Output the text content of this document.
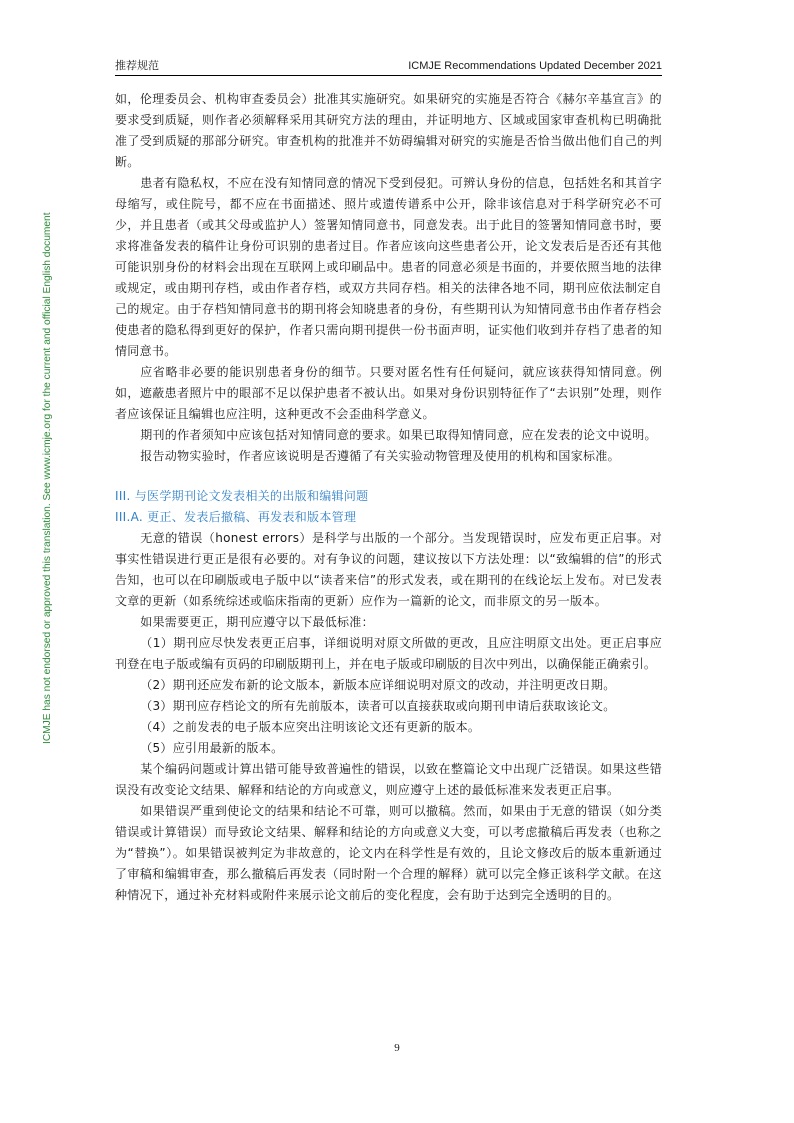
推荐规范	ICMJE Recommendations Updated December 2021
ICMJE has not endorsed or approved this translation. See www.icmje.org for the current and official English document

如，伦理委员会、机构审查委员会）批准其实施研究。如果研究的实施是否符合《赫尔辛基宣言》的要求受到质疑，则作者必须解释采用其研究方法的理由，并证明地方、区域或国家审查机构已明确批准了受到质疑的那部分研究。审查机构的批准并不妨碍编辑对研究的实施是否恰当做出他们自己的判断。

患者有隐私权，不应在没有知情同意的情况下受到侵犯。可辨认身份的信息，包括姓名和其首字母缩写，或住院号，都不应在书面描述、照片或遗传谱系中公开，除非该信息对于科学研究必不可少，并且患者（或其父母或监护人）签署知情同意书，同意发表。出于此目的签署知情同意书时，要求将准备发表的稿件让身份可识别的患者过目。作者应该向这些患者公开，论文发表后是否还有其他可能识别身份的材料会出现在互联网上或印刷品中。患者的同意必须是书面的，并要依照当地的法律或规定，或由期刊存档，或由作者存档，或双方共同存档。相关的法律各地不同，期刊应依法制定自己的规定。由于存档知情同意书的期刊将会知晓患者的身份，有些期刊认为知情同意书由作者存档会使患者的隐私得到更好的保护，作者只需向期刊提供一份书面声明，证实他们收到并存档了患者的知情同意书。

应省略非必要的能识别患者身份的细节。只要对匿名性有任何疑问，就应该获得知情同意。例如，遮蔽患者照片中的眼部不足以保护患者不被认出。如果对身份识别特征作了“去识别”处理，则作者应该保证且编辑也应注明，这种更改不会歪曲科学意义。

期刊的作者须知中应该包括对知情同意的要求。如果已取得知情同意，应在发表的论文中说明。

报告动物实验时，作者应该说明是否遵循了有关实验动物管理及使用的机构和国家标准。

III. 与医学期刊论文发表相关的出版和编辑问题

III.A. 更正、发表后撤稿、再发表和版本管理

无意的错误（honest errors）是科学与出版的一个部分。当发现错误时，应发布更正启事。对事实性错误进行更正是很有必要的。对有争议的问题，建议按以下方法处理：以“致编辑的信”的形式告知，也可以在印刷版或电子版中以“读者来信”的形式发表，或在期刊的在线论坛上发布。对已发表文章的更新（如系统综述或临床指南的更新）应作为一篇新的论文，而非原文的另一版本。

如果需要更正，期刊应遵守以下最低标准：

（1）期刊应尽快发表更正启事，详细说明对原文所做的更改，且应注明原文出处。更正启事应刊登在电子版或编有页码的印刷版期刊上，并在电子版或印刷版的目次中列出，以确保能正确索引。

（2）期刊还应发布新的论文版本，新版本应详细说明对原文的改动，并注明更改日期。

（3）期刊应存档论文的所有先前版本，读者可以直接获取或向期刊申请后获取该论文。

（4）之前发表的电子版本应突出注明该论文还有更新的版本。

（5）应引用最新的版本。

某个编码问题或计算出错可能导致普遍性的错误，以致在整篇论文中出现广泛错误。如果这些错误没有改变论文结果、解释和结论的方向或意义，则应遵守上述的最低标准来发表更正启事。

如果错误严重到使论文的结果和结论不可靠，则可以撤稿。然而，如果由于无意的错误（如分类错误或计算错误）而导致论文结果、解释和结论的方向或意义大变，可以考虑撤稿后再发表（也称之为“替换”）。如果错误被判定为非故意的，论文内在科学性是有效的，且论文修改后的版本重新通过了审稿和编辑审查，那么撤稿后再发表（同时附一个合理的解释）就可以完全修正该科学文献。在这种情况下，通过补充材料或附件来展示论文前后的变化程度，会有助于达到完全透明的目的。

9
